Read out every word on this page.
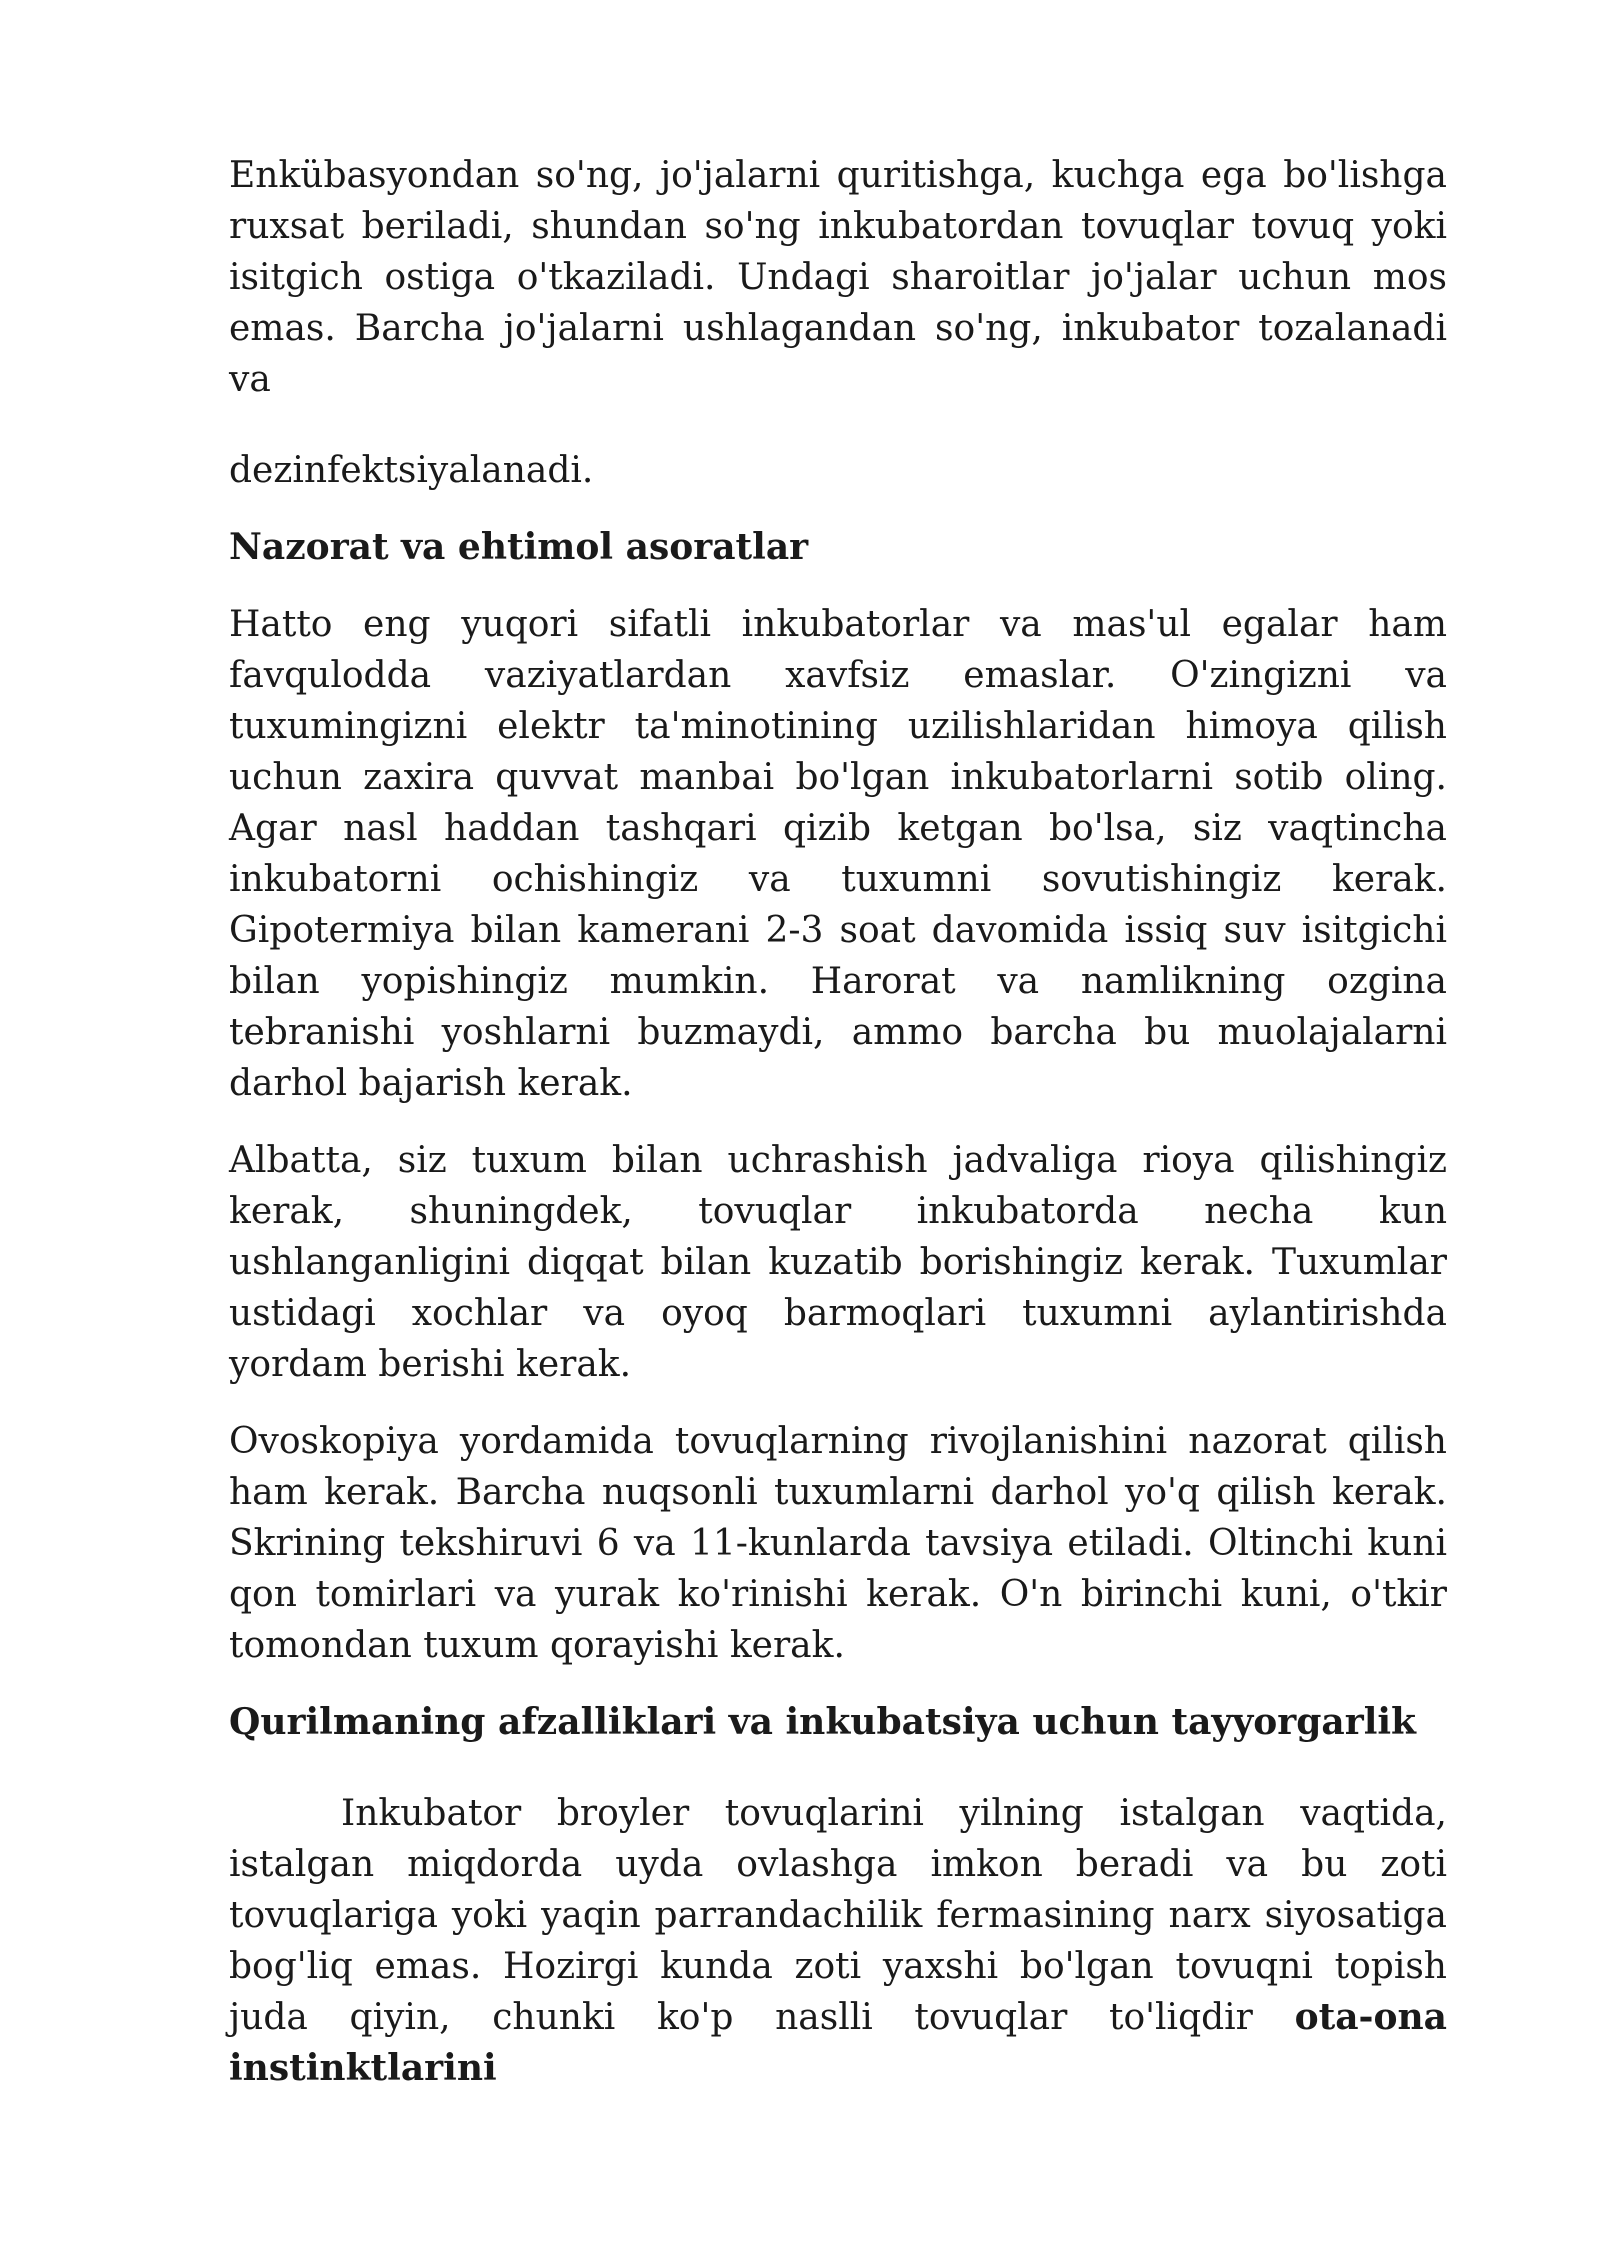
Enkübasyondan so'ng, jo'jalarni quritishga, kuchga ega bo'lishga ruxsat beriladi, shundan so'ng inkubatordan tovuqlar tovuq yoki isitgich ostiga o'tkaziladi. Undagi sharoitlar jo'jalar uchun mos emas. Barcha jo'jalarni ushlagandan so'ng, inkubator tozalanadi va

dezinfektsiyalanadi.

Nazorat va ehtimol asoratlar

Hatto eng yuqori sifatli inkubatorlar va mas'ul egalar ham favqulodda vaziyatlardan xavfsiz emaslar. O'zingizni va tuxumingizni elektr ta'minotining uzilishlaridan himoya qilish uchun zaxira quvvat manbai bo'lgan inkubatorlarni sotib oling. Agar nasl haddan tashqari qizib ketgan bo'lsa, siz vaqtincha inkubatorni ochishingiz va tuxumni sovutishingiz kerak. Gipotermiya bilan kamerani 2-3 soat davomida issiq suv isitgichi bilan yopishingiz mumkin. Harorat va namlikning ozgina tebranishi yoshlarni buzmaydi, ammo barcha bu muolajalarni darhol bajarish kerak.

Albatta, siz tuxum bilan uchrashish jadvaliga rioya qilishingiz kerak, shuningdek, tovuqlar inkubatorda necha kun ushlanganligini diqqat bilan kuzatib borishingiz kerak. Tuxumlar ustidagi xochlar va oyoq barmoqlari tuxumni aylantirishda yordam berishi kerak.

Ovoskopiya yordamida tovuqlarning rivojlanishini nazorat qilish ham kerak. Barcha nuqsonli tuxumlarni darhol yo'q qilish kerak. Skrining tekshiruvi 6 va 11-kunlarda tavsiya etiladi. Oltinchi kuni qon tomirlari va yurak ko'rinishi kerak. O'n birinchi kuni, o'tkir tomondan tuxum qorayishi kerak.

Qurilmaning afzalliklari va inkubatsiya uchun tayyorgarlik

Inkubator broyler tovuqlarini yilning istalgan vaqtida, istalgan miqdorda uyda ovlashga imkon beradi va bu zoti tovuqlariga yoki yaqin parrandachilik fermasining narx siyosatiga bog'liq emas. Hozirgi kunda zoti yaxshi bo'lgan tovuqni topish juda qiyin, chunki ko'p naslli tovuqlar to'liqdir ota-ona instinktlarini
